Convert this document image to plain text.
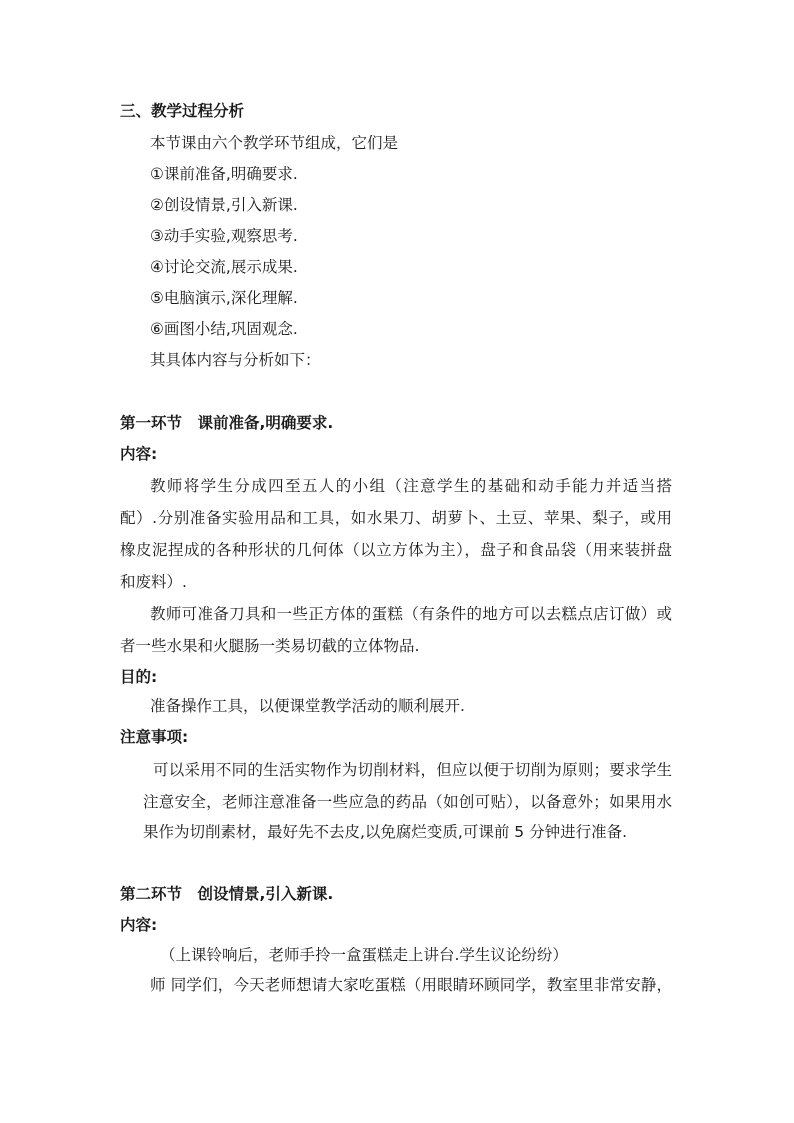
三、教学过程分析
本节课由六个教学环节组成，它们是
①课前准备,明确要求.
②创设情景,引入新课.
③动手实验,观察思考.
④讨论交流,展示成果.
⑤电脑演示,深化理解.
⑥画图小结,巩固观念.
其具体内容与分析如下：
第一环节　课前准备,明确要求.
内容:
教师将学生分成四至五人的小组（注意学生的基础和动手能力并适当搭
配）.分别准备实验用品和工具，如水果刀、胡萝卜、土豆、苹果、梨子，或用
橡皮泥捏成的各种形状的几何体（以立方体为主），盘子和食品袋（用来装拼盘
和废料）.
教师可准备刀具和一些正方体的蛋糕（有条件的地方可以去糕点店订做）或
者一些水果和火腿肠一类易切截的立体物品.
目的:
准备操作工具，以便课堂教学活动的顺利展开.
注意事项:
可以采用不同的生活实物作为切削材料，但应以便于切削为原则；要求学生
注意安全，老师注意准备一些应急的药品（如创可贴），以备意外；如果用水
果作为切削素材，最好先不去皮,以免腐烂变质,可课前 5 分钟进行准备.
第二环节　创设情景,引入新课.
内容:
（上课铃响后，老师手拎一盒蛋糕走上讲台.学生议论纷纷）
师 同学们，今天老师想请大家吃蛋糕（用眼睛环顾同学，教室里非常安静，
